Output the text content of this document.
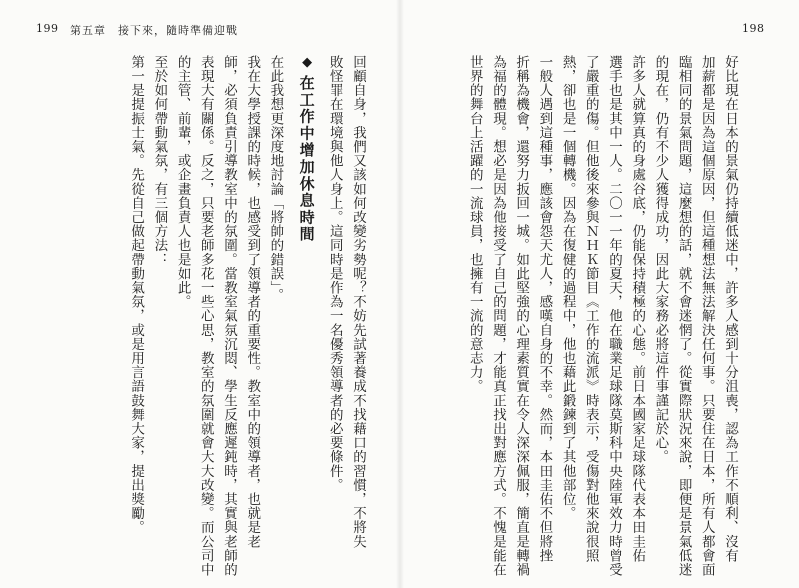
199 第五章　接下來，隨時準備迎戰	198
好比現在日本的景氣仍持續低迷中，許多人感到十分沮喪，認為工作不順利、沒有
加薪都是因為這個原因，但這種想法無法解決任何事。只要住在日本，所有人都會面
臨相同的景氣問題，這麼想的話，就不會迷惘了。從實際狀況來說，即便是景氣低迷
的現在，仍有不少人獲得成功，因此大家務必將這件事謹記於心。
許多人就算真的身處谷底，仍能保持積極的心態。前日本國家足球隊代表本田圭佑
選手也是其中一人。二〇一一年的夏天，他在職業足球隊莫斯科中央陸軍效力時曾受
了嚴重的傷。但他後來參與ＮＨＫ節目《工作的流派》時表示，受傷對他來說很照
熱，卻也是一個轉機。因為在復健的過程中，他也藉此鍛鍊到了其他部位。
一般人遇到這種事，應該會怨天尤人，感嘆自身的不幸。然而，本田圭佑不但將挫
折稱為機會，還努力扳回一城。如此堅強的心理素質實在令人深深佩服，簡直是轉禍
為福的體現。想必是因為他接受了自己的問題，才能真正找出對應方式。不愧是能在
世界的舞台上活躍的一流球員，也擁有一流的意志力。
回顧自身，我們又該如何改變劣勢呢？不妨先試著養成不找藉口的習慣，不將失
敗怪罪在環境與他人身上。這同時是作為一名優秀領導者的必要條件。
◆在工作中增加休息時間
在此我想更深度地討論「將帥的錯誤」。
我在大學授課的時候，也感受到了領導者的重要性。教室中的領導者，也就是老
師，必須負責引導教室中的氛圍。當教室氣氛沉悶、學生反應遲鈍時，其實與老師的
表現大有關係。反之，只要老師多花一些心思，教室的氛圍就會大大改變。而公司中
的主管、前輩，或企畫負責人也是如此。
至於如何帶動氣氛，有三個方法：
第一是提振士氣。先從自己做起帶動氣氛，或是用言語鼓舞大家，提出獎勵。
